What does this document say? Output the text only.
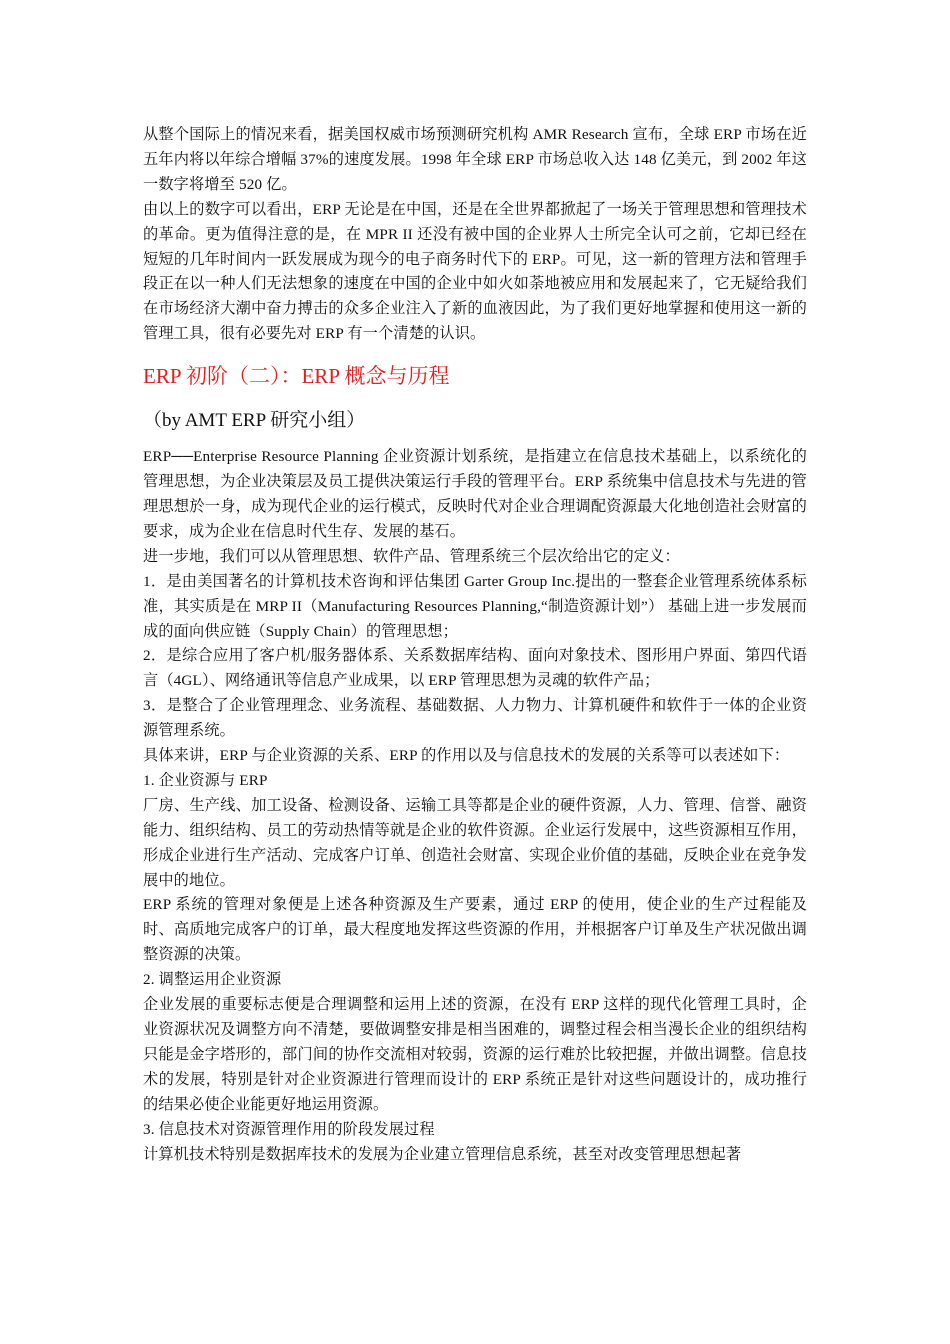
从整个国际上的情况来看，据美国权威市场预测研究机构 AMR Research 宣布，全球 ERP 市场在近五年内将以年综合增幅 37%的速度发展。1998 年全球 ERP 市场总收入达 148 亿美元，到 2002 年这一数字将增至 520 亿。

由以上的数字可以看出，ERP 无论是在中国，还是在全世界都掀起了一场关于管理思想和管理技术的革命。更为值得注意的是，在 MPR II 还没有被中国的企业界人士所完全认可之前，它却已经在短短的几年时间内一跃发展成为现今的电子商务时代下的 ERP。可见，这一新的管理方法和管理手段正在以一种人们无法想象的速度在中国的企业中如火如荼地被应用和发展起来了，它无疑给我们在市场经济大潮中奋力搏击的众多企业注入了新的血液因此，为了我们更好地掌握和使用这一新的管理工具，很有必要先对 ERP 有一个清楚的认识。

ERP 初阶（二）：ERP 概念与历程
（by AMT ERP 研究小组）

ERP──Enterprise Resource Planning 企业资源计划系统，是指建立在信息技术基础上，以系统化的管理思想，为企业决策层及员工提供决策运行手段的管理平台。ERP 系统集中信息技术与先进的管理思想於一身，成为现代企业的运行模式，反映时代对企业合理调配资源最大化地创造社会财富的要求，成为企业在信息时代生存、发展的基石。

进一步地，我们可以从管理思想、软件产品、管理系统三个层次给出它的定义：

1．是由美国著名的计算机技术咨询和评估集团 Garter Group Inc.提出的一整套企业管理系统体系标准，其实质是在 MRP II（Manufacturing Resources Planning,“制造资源计划”） 基础上进一步发展而成的面向供应链（Supply Chain）的管理思想；

2．是综合应用了客户机/服务器体系、关系数据库结构、面向对象技术、图形用户界面、第四代语言（4GL）、网络通讯等信息产业成果，以 ERP 管理思想为灵魂的软件产品；

3．是整合了企业管理理念、业务流程、基础数据、人力物力、计算机硬件和软件于一体的企业资源管理系统。

具体来讲，ERP 与企业资源的关系、ERP 的作用以及与信息技术的发展的关系等可以表述如下：

1. 企业资源与 ERP

厂房、生产线、加工设备、检测设备、运输工具等都是企业的硬件资源，人力、管理、信誉、融资能力、组织结构、员工的劳动热情等就是企业的软件资源。企业运行发展中，这些资源相互作用，形成企业进行生产活动、完成客户订单、创造社会财富、实现企业价值的基础，反映企业在竞争发展中的地位。

ERP 系统的管理对象便是上述各种资源及生产要素，通过 ERP 的使用，使企业的生产过程能及时、高质地完成客户的订单，最大程度地发挥这些资源的作用，并根据客户订单及生产状况做出调整资源的决策。

2. 调整运用企业资源

企业发展的重要标志便是合理调整和运用上述的资源，在没有 ERP 这样的现代化管理工具时，企业资源状况及调整方向不清楚，要做调整安排是相当困难的，调整过程会相当漫长企业的组织结构只能是金字塔形的，部门间的协作交流相对较弱，资源的运行难於比较把握，并做出调整。信息技术的发展，特别是针对企业资源进行管理而设计的 ERP 系统正是针对这些问题设计的，成功推行的结果必使企业能更好地运用资源。

3. 信息技术对资源管理作用的阶段发展过程

计算机技术特别是数据库技术的发展为企业建立管理信息系统，甚至对改变管理思想起著
